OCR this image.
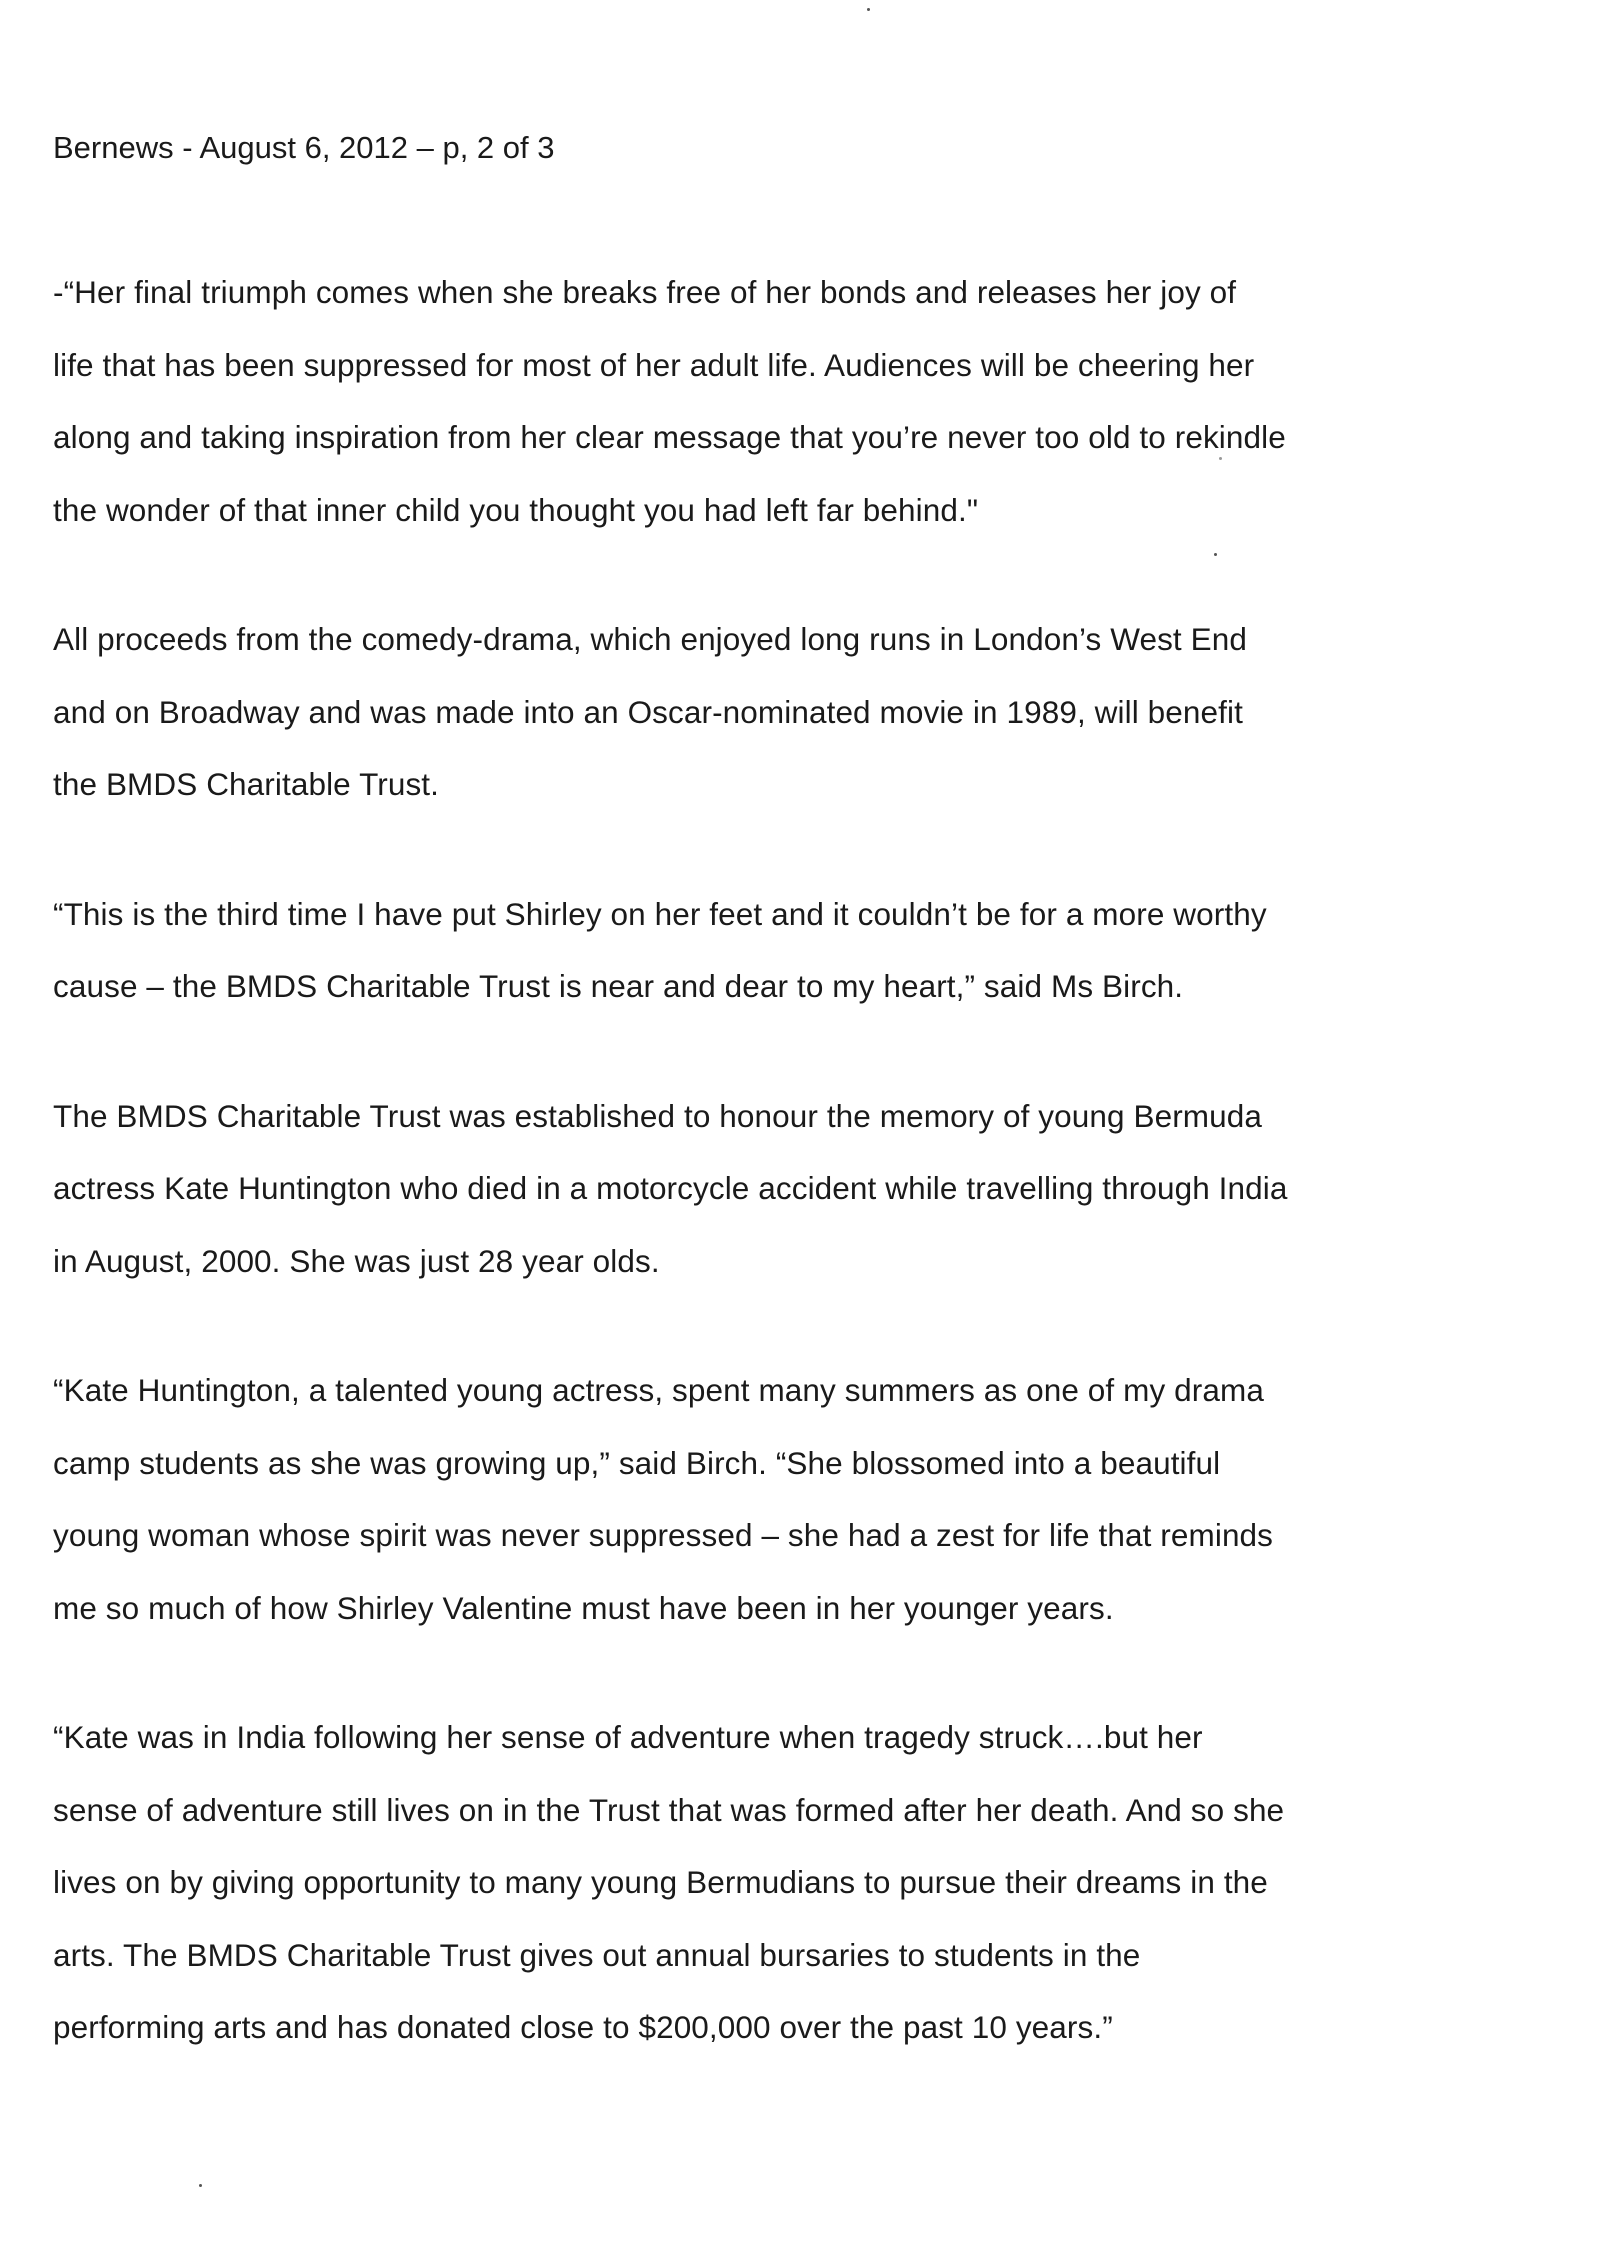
Bernews - August 6, 2012 – p, 2 of 3

-“Her final triumph comes when she breaks free of her bonds and releases her joy of
life that has been suppressed for most of her adult life. Audiences will be cheering her
along and taking inspiration from her clear message that you’re never too old to rekindle
the wonder of that inner child you thought you had left far behind."

All proceeds from the comedy-drama, which enjoyed long runs in London’s West End
and on Broadway and was made into an Oscar-nominated movie in 1989, will benefit
the BMDS Charitable Trust.

“This is the third time I have put Shirley on her feet and it couldn’t be for a more worthy
cause – the BMDS Charitable Trust is near and dear to my heart,” said Ms Birch.

The BMDS Charitable Trust was established to honour the memory of young Bermuda
actress Kate Huntington who died in a motorcycle accident while travelling through India
in August, 2000. She was just 28 year olds.

“Kate Huntington, a talented young actress, spent many summers as one of my drama
camp students as she was growing up,” said Birch. “She blossomed into a beautiful
young woman whose spirit was never suppressed – she had a zest for life that reminds
me so much of how Shirley Valentine must have been in her younger years.

“Kate was in India following her sense of adventure when tragedy struck….but her
sense of adventure still lives on in the Trust that was formed after her death. And so she
lives on by giving opportunity to many young Bermudians to pursue their dreams in the
arts. The BMDS Charitable Trust gives out annual bursaries to students in the
performing arts and has donated close to $200,000 over the past 10 years.”
